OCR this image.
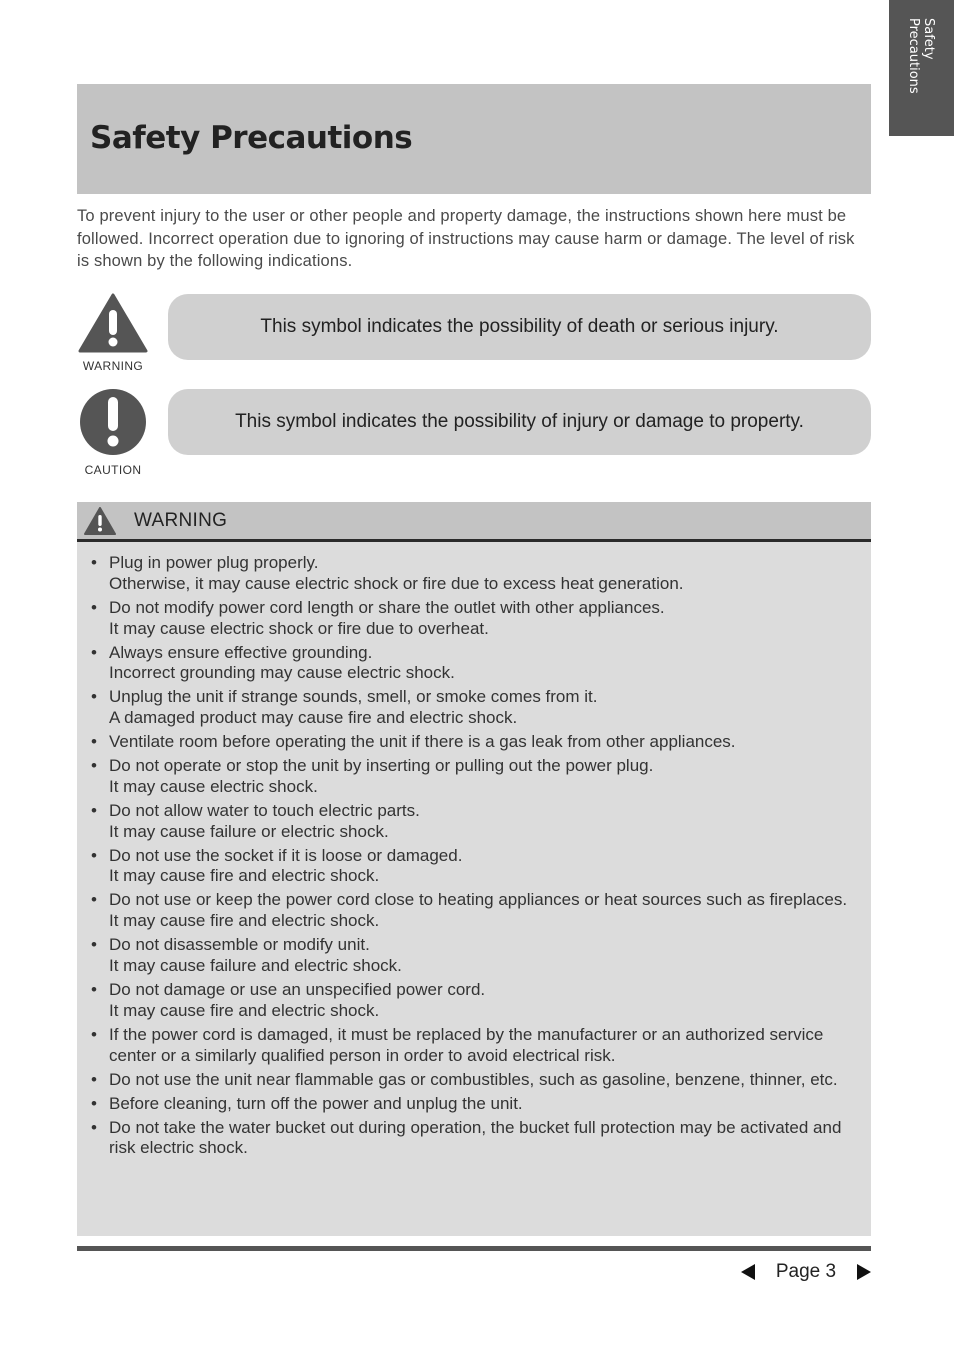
Safety
Precautions
Safety Precautions

To prevent injury to the user or other people and property damage, the instructions shown here must be followed. Incorrect operation due to ignoring of instructions may cause harm or damage. The level of risk is shown by the following indications.

WARNING
This symbol indicates the possibility of death or serious injury.
CAUTION
This symbol indicates the possibility of injury or damage to property.
WARNING
• Plug in power plug properly.
Otherwise, it may cause electric shock or fire due to excess heat generation.
• Do not modify power cord length or share the outlet with other appliances.
It may cause electric shock or fire due to overheat.
• Always ensure effective grounding.
Incorrect grounding may cause electric shock.
• Unplug the unit if strange sounds, smell, or smoke comes from it.
A damaged product may cause fire and electric shock.
• Ventilate room before operating the unit if there is a gas leak from other appliances.
• Do not operate or stop the unit by inserting or pulling out the power plug.
It may cause electric shock.
• Do not allow water to touch electric parts.
It may cause failure or electric shock.
• Do not use the socket if it is loose or damaged.
It may cause fire and electric shock.
• Do not use or keep the power cord close to heating appliances or heat sources such as fireplaces.
It may cause fire and electric shock.
• Do not disassemble or modify unit.
It may cause failure and electric shock.
• Do not damage or use an unspecified power cord.
It may cause fire and electric shock.
• If the power cord is damaged, it must be replaced by the manufacturer or an authorized service center or a similarly qualified person in order to avoid electrical risk.
• Do not use the unit near flammable gas or combustibles, such as gasoline, benzene, thinner, etc.
• Before cleaning, turn off the power and unplug the unit.
• Do not take the water bucket out during operation, the bucket full protection may be activated and risk electric shock.
Page 3
